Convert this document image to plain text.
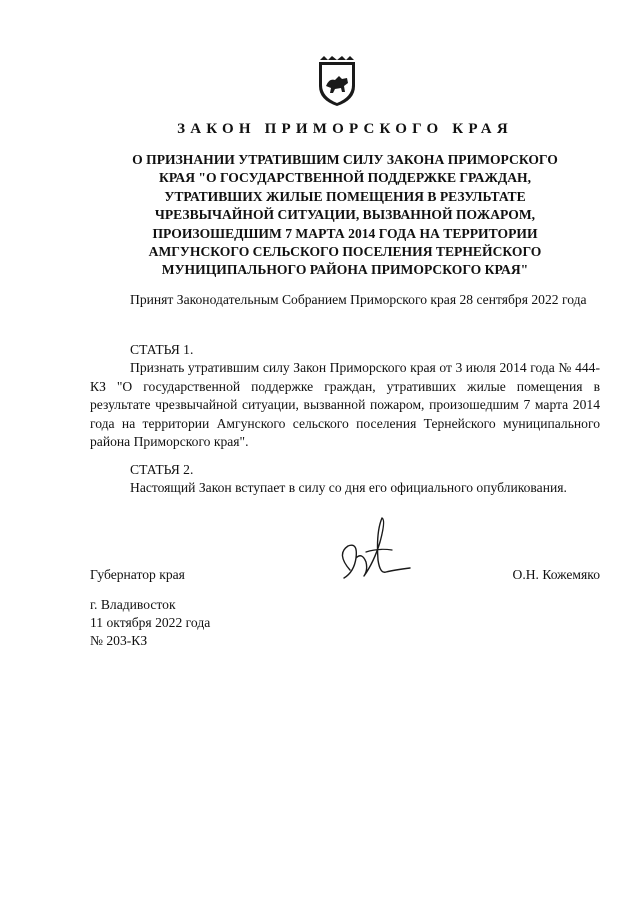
ЗАКОН ПРИМОРСКОГО КРАЯ
О ПРИЗНАНИИ УТРАТИВШИМ СИЛУ ЗАКОНА ПРИМОРСКОГО
КРАЯ "О ГОСУДАРСТВЕННОЙ ПОДДЕРЖКЕ ГРАЖДАН,
УТРАТИВШИХ ЖИЛЫЕ ПОМЕЩЕНИЯ В РЕЗУЛЬТАТЕ
ЧРЕЗВЫЧАЙНОЙ СИТУАЦИИ, ВЫЗВАННОЙ ПОЖАРОМ,
ПРОИЗОШЕДШИМ 7 МАРТА 2014 ГОДА НА ТЕРРИТОРИИ
АМГУНСКОГО СЕЛЬСКОГО ПОСЕЛЕНИЯ ТЕРНЕЙСКОГО
МУНИЦИПАЛЬНОГО РАЙОНА ПРИМОРСКОГО КРАЯ"

Принят Законодательным Собранием Приморского края 28 сентября 2022 года

СТАТЬЯ 1.

Признать утратившим силу Закон Приморского края от 3 июля 2014 года № 444-КЗ "О государственной поддержке граждан, утративших жилые помещения в результате чрезвычайной ситуации, вызванной пожаром, произошедшим 7 марта 2014 года на территории Амгунского сельского поселения Тернейского муниципального района Приморского края".

СТАТЬЯ 2.

Настоящий Закон вступает в силу со дня его официального опубликования.

Губернатор края	О.Н. Кожемяко

г. Владивосток

11 октября 2022 года

№ 203-КЗ
